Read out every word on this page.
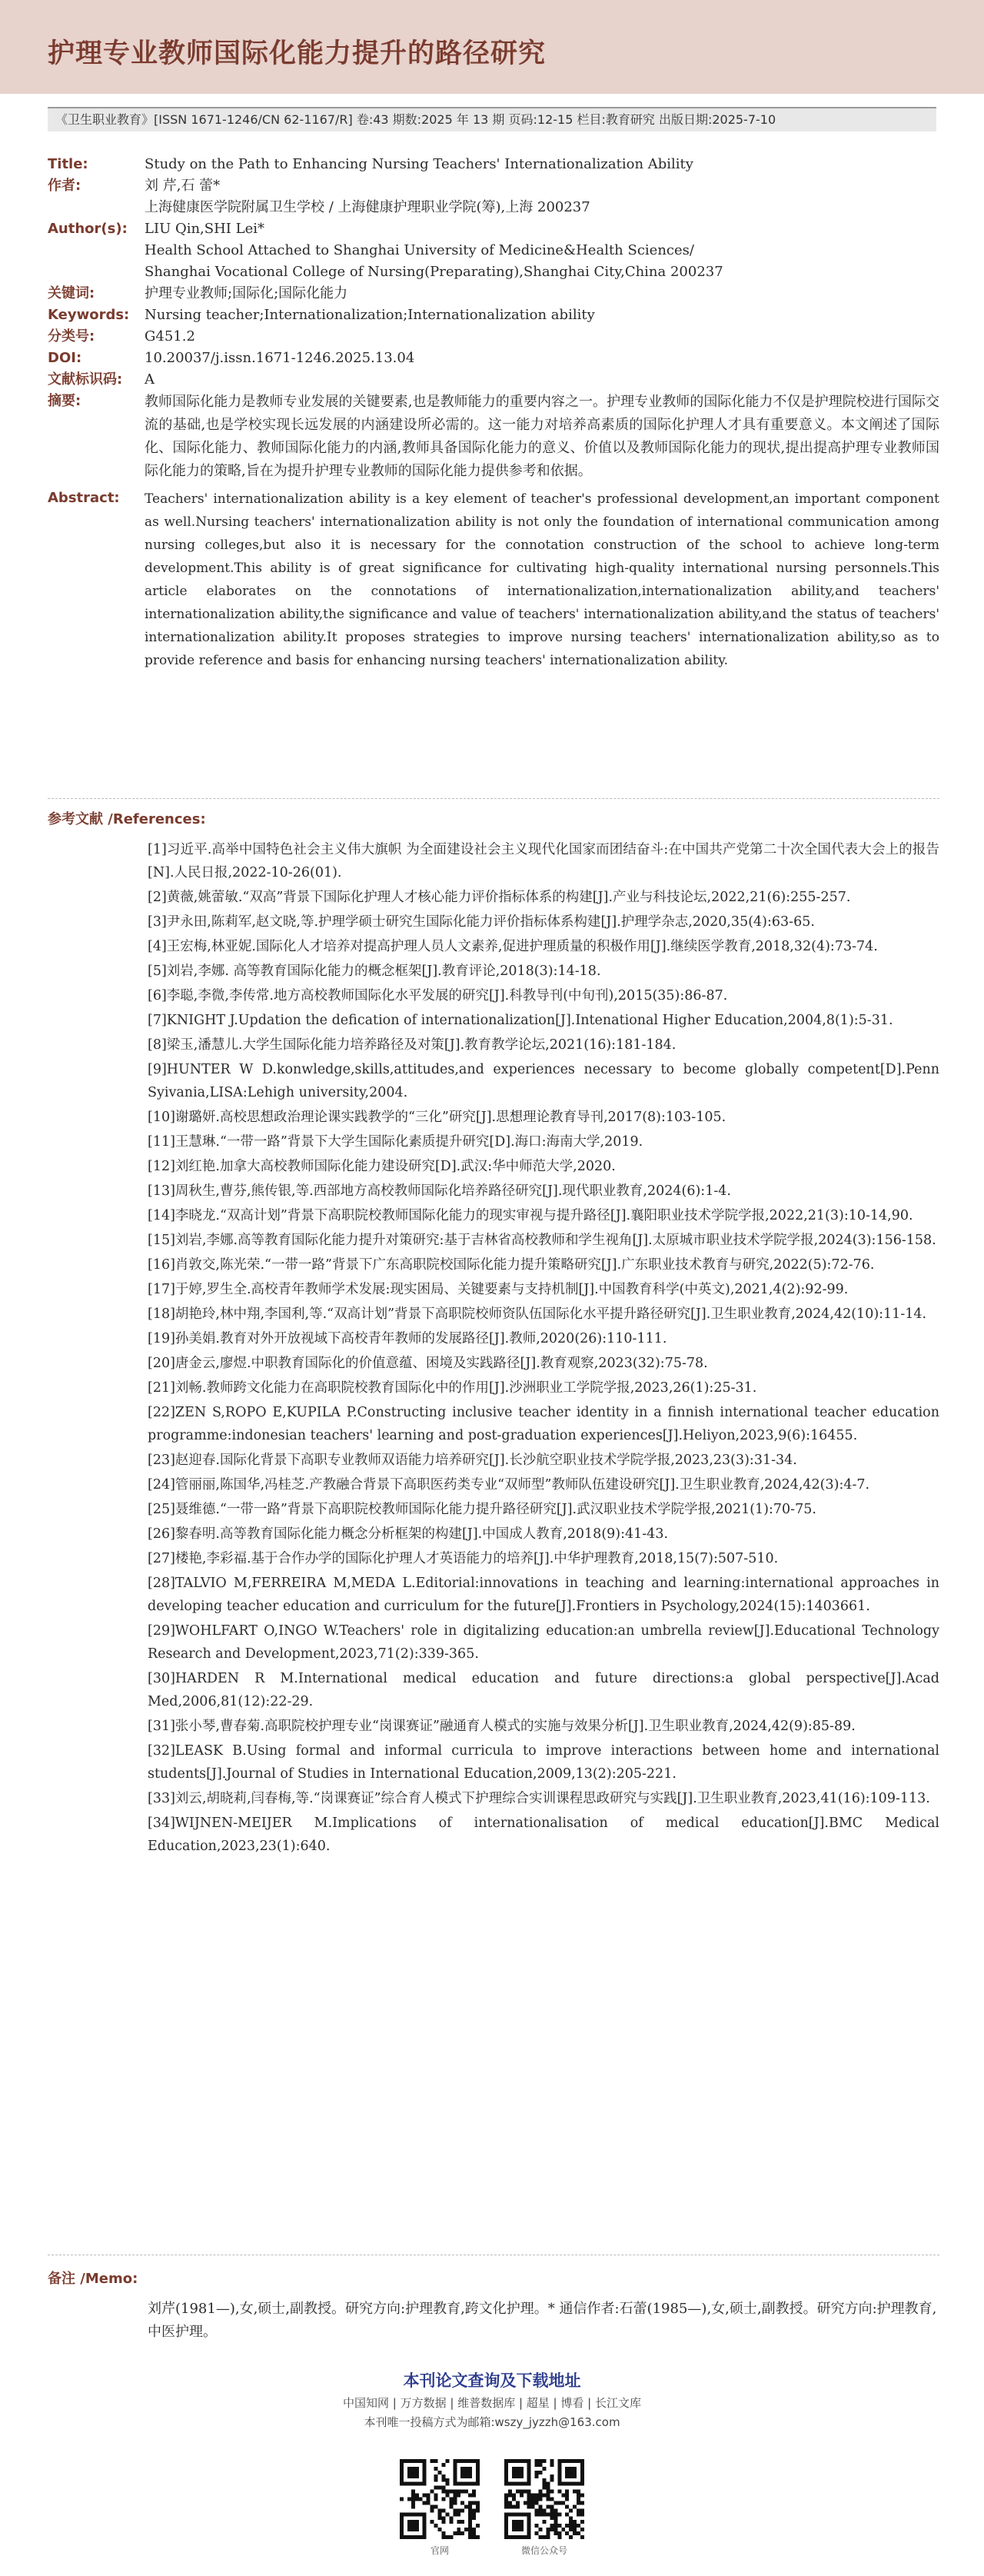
护理专业教师国际化能力提升的路径研究
《卫生职业教育》[ISSN 1671-1246/CN 62-1167/R] 卷:43 期数:2025 年 13 期 页码:12-15 栏目:教育研究 出版日期:2025-7-10
Title:	Study on the Path to Enhancing Nursing Teachers' Internationalization Ability
作者:	刘 芹,石 蕾*
上海健康医学院附属卫生学校 / 上海健康护理职业学院(筹),上海 200237
Author(s):	LIU Qin,SHI Lei*
Health School Attached to Shanghai University of Medicine&Health Sciences/
Shanghai Vocational College of Nursing(Preparating),Shanghai City,China 200237
关键词:	护理专业教师;国际化;国际化能力
Keywords:	Nursing teacher;Internationalization;Internationalization ability
分类号:	G451.2
DOI:	10.20037/j.issn.1671-1246.2025.13.04
文献标识码:	A
摘要:	教师国际化能力是教师专业发展的关键要素,也是教师能力的重要内容之一。护理专业教师的国际化能力不仅是护理院校进行国际交流的基础,也是学校实现长远发展的内涵建设所必需的。这一能力对培养高素质的国际化护理人才具有重要意义。本文阐述了国际化、国际化能力、教师国际化能力的内涵,教师具备国际化能力的意义、价值以及教师国际化能力的现状,提出提高护理专业教师国际化能力的策略,旨在为提升护理专业教师的国际化能力提供参考和依据。
Abstract:	Teachers' internationalization ability is a key element of teacher's professional development,an important component as well.Nursing teachers' internationalization ability is not only the foundation of international communication among nursing colleges,but also it is necessary for the connotation construction of the school to achieve long-term development.This ability is of great significance for cultivating high-quality international nursing personnels.This article elaborates on the connotations of internationalization,internationalization ability,and teachers' internationalization ability,the significance and value of teachers' internationalization ability,and the status of teachers' internationalization ability.It proposes strategies to improve nursing teachers' internationalization ability,so as to provide reference and basis for enhancing nursing teachers' internationalization ability.
参考文献 /References:
[1]习近平.高举中国特色社会主义伟大旗帜 为全面建设社会主义现代化国家而团结奋斗:在中国共产党第二十次全国代表大会上的报告[N].人民日报,2022-10-26(01).
[2]黄薇,姚蕾敏.“双高”背景下国际化护理人才核心能力评价指标体系的构建[J].产业与科技论坛,2022,21(6):255-257.
[3]尹永田,陈莉军,赵文晓,等.护理学硕士研究生国际化能力评价指标体系构建[J].护理学杂志,2020,35(4):63-65.
[4]王宏梅,林亚妮.国际化人才培养对提高护理人员人文素养,促进护理质量的积极作用[J].继续医学教育,2018,32(4):73-74.
[5]刘岩,李娜. 高等教育国际化能力的概念框架[J].教育评论,2018(3):14-18.
[6]李聪,李微,李传常.地方高校教师国际化水平发展的研究[J].科教导刊(中旬刊),2015(35):86-87.
[7]KNIGHT J.Updation the defication of internationalization[J].Intenational Higher Education,2004,8(1):5-31.
[8]梁玉,潘慧儿.大学生国际化能力培养路径及对策[J].教育教学论坛,2021(16):181-184.
[9]HUNTER W D.konwledge,skills,attitudes,and experiences necessary to become globally competent[D].Penn Syivania,LISA:Lehigh university,2004.
[10]谢璐妍.高校思想政治理论课实践教学的“三化”研究[J].思想理论教育导刊,2017(8):103-105.
[11]王慧琳.“一带一路”背景下大学生国际化素质提升研究[D].海口:海南大学,2019.
[12]刘红艳.加拿大高校教师国际化能力建设研究[D].武汉:华中师范大学,2020.
[13]周秋生,曹芬,熊传银,等.西部地方高校教师国际化培养路径研究[J].现代职业教育,2024(6):1-4.
[14]李晓龙.“双高计划”背景下高职院校教师国际化能力的现实审视与提升路径[J].襄阳职业技术学院学报,2022,21(3):10-14,90.
[15]刘岩,李娜.高等教育国际化能力提升对策研究:基于吉林省高校教师和学生视角[J].太原城市职业技术学院学报,2024(3):156-158.
[16]肖敦交,陈光荣.“一带一路”背景下广东高职院校国际化能力提升策略研究[J].广东职业技术教育与研究,2022(5):72-76.
[17]于婷,罗生全.高校青年教师学术发展:现实困局、关键要素与支持机制[J].中国教育科学(中英文),2021,4(2):92-99.
[18]胡艳玲,林中翔,李国利,等.“双高计划”背景下高职院校师资队伍国际化水平提升路径研究[J].卫生职业教育,2024,42(10):11-14.
[19]孙美娟.教育对外开放视域下高校青年教师的发展路径[J].教师,2020(26):110-111.
[20]唐金云,廖煜.中职教育国际化的价值意蕴、困境及实践路径[J].教育观察,2023(32):75-78.
[21]刘畅.教师跨文化能力在高职院校教育国际化中的作用[J].沙洲职业工学院学报,2023,26(1):25-31.
[22]ZEN S,ROPO E,KUPILA P.Constructing inclusive teacher identity in a finnish international teacher education programme:indonesian teachers' learning and post-graduation experiences[J].Heliyon,2023,9(6):16455.
[23]赵迎春.国际化背景下高职专业教师双语能力培养研究[J].长沙航空职业技术学院学报,2023,23(3):31-34.
[24]管丽丽,陈国华,冯桂芝.产教融合背景下高职医药类专业“双师型”教师队伍建设研究[J].卫生职业教育,2024,42(3):4-7.
[25]聂维德.“一带一路”背景下高职院校教师国际化能力提升路径研究[J].武汉职业技术学院学报,2021(1):70-75.
[26]黎春明.高等教育国际化能力概念分析框架的构建[J].中国成人教育,2018(9):41-43.
[27]楼艳,李彩福.基于合作办学的国际化护理人才英语能力的培养[J].中华护理教育,2018,15(7):507-510.
[28]TALVIO M,FERREIRA M,MEDA L.Editorial:innovations in teaching and learning:international approaches in developing teacher education and curriculum for the future[J].Frontiers in Psychology,2024(15):1403661.
[29]WOHLFART O,INGO W.Teachers' role in digitalizing education:an umbrella review[J].Educational Technology Research and Development,2023,71(2):339-365.
[30]HARDEN R M.International medical education and future directions:a global perspective[J].Acad Med,2006,81(12):22-29.
[31]张小琴,曹春菊.高职院校护理专业“岗课赛证”融通育人模式的实施与效果分析[J].卫生职业教育,2024,42(9):85-89.
[32]LEASK B.Using formal and informal curricula to improve interactions between home and international students[J].Journal of Studies in International Education,2009,13(2):205-221.
[33]刘云,胡晓莉,闫春梅,等.“岗课赛证”综合育人模式下护理综合实训课程思政研究与实践[J].卫生职业教育,2023,41(16):109-113.
[34]WIJNEN-MEIJER M.Implications of internationalisation of medical education[J].BMC Medical Education,2023,23(1):640.
备注 /Memo:
刘芹(1981—),女,硕士,副教授。研究方向:护理教育,跨文化护理。* 通信作者:石蕾(1985—),女,硕士,副教授。研究方向:护理教育,中医护理。
本刊论文查询及下载地址
中国知网 | 万方数据 | 维普数据库 | 超星 | 博看 | 长江文库
本刊唯一投稿方式为邮箱:wszy_jyzzh@163.com
官网	微信公众号
